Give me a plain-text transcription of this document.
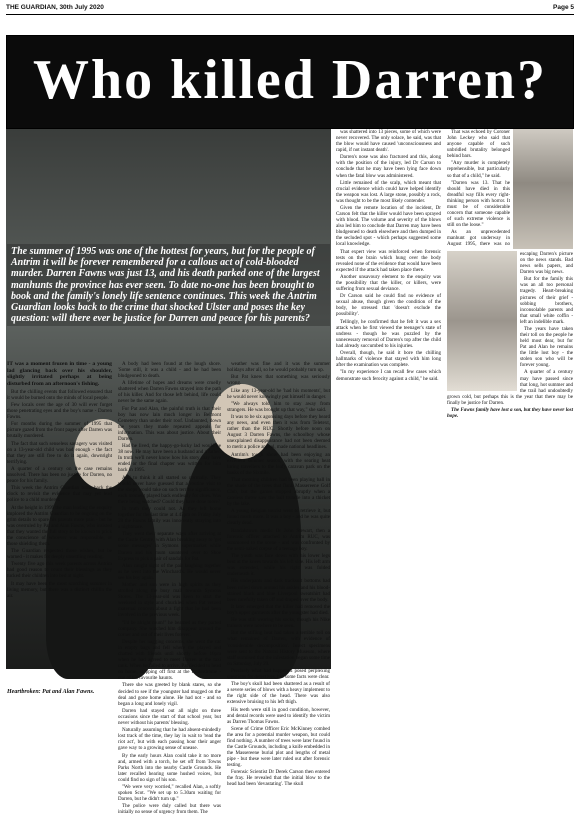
THE GUARDIAN, 30th July 2020	Page 5
Who killed Darren?
The summer of 1995 was one of the hottest for years, but for the people of Antrim it will be forever remembered for a callous act of cold-blooded murder. Darren Fawns was just 13, and his death parked one of the largest manhunts the province has ever seen. To date no-one has been brought to book and the family's lonely life sentence continues. This week the Antrim Guardian looks back to the crime that shocked Ulster and poses the key question: will there ever be justice for Darren and peace for his parents?

IT was a moment frozen in time - a young lad glancing back over his shoulder, slightly irritated perhaps at being disturbed from an afternoon's fishing.

But the chilling events that followed ensured that it would be burned onto the minds of local people.

Few locals over the age of 30 will ever forget those penetrating eyes and the boy's name - Darren Fawns.

For months during the summer of 1995 that picture gazed from the front pages after Darren was brutally murdered.

The fact that such senseless savagery was visited on a 13-year-old child was bad enough - the fact that they are still free to do it again, downright terrifying.

A quarter of a century on the case remains unsolved. There has been no justice for Darren, no peace for his family.

This week the Antrim Guardian turns back the clock to revisit the evidence that may yet lead police to a child murderer.

At the height in 1999 the man leading the enquiry implored the Antrim Guardian to be ongoing on the grim details to spare his parents more pain - but he was overruled by Pat and Alan Fawns, who insisted that they wanted the full story to be known to prick the conscience of whoever was responsible, or those shielding them.

The Guardian respected those wishes, but be warned - it makes for deeply unsettling reading.

Twenty five ago this week parents across Antrim had good reason to count their blessings as they tucked their children into bed at night.

It may have been the most scorching summer in living memory, but there was a distinct chillin the air.

A body had been found at the lough shore. 'Some still, it was a child - and he had been bludgeoned to death.

A lifetime of hopes and dreams were cruelly shattered when Darren Fawns strayed into the path of his killer. And for those left behind, life could never be the same again.

For Pat and Alan, the painful truth is that their boy has now lain much longer in Belmont Cemetery than under their roof. Undaunted, down the years they made repeated appeals for information. This was about justice. About their Darren.

Had he lived, the happy-go-lucky lad would be 38 now. He may have been a husband and a father. In truth we'll never know how his story may have ended or the final chapter was written for him back in 1995.

And to think it all started so normally. They would never have guessed that a routine visit to the shops would take on such terrible significance, each moment played back endlessly for clues. Was there being watched? Could they have done more?

In truth they could not. As they left home together for the last time at 4.45pm on Friday July 28 the Fawns family was innocently straying into a nightmare.

They went their separate ways after arriving at the Castle Centre, with Alan breaking away to 'get some messages' in Symons supermarket while Darren and his mum sauntered over to Shoe Express to pick a pair of sandals for Pat.

Alan caught sight of the pair laughing together as he went into the Winchard's. He would never see his boy again.

Mother and son were in high spirits as they strolled along the busy mall towards Symons Stores. The 13-year-old was keen to start the weekend in style and chuckled when Pat vetoed maternal concern about a fight that he had been involved in the previous week.

"I'd be alright mum!" he beamed as they parted company. She watched him disappear around the corner and out of their lives forever.

Despite her nagging concerns, she went the car in empty bags and fell where the played and chatted with friends until shortly before 10pm when he had agreed to meet Darren at the taxi rank. When he failed to arrive, Pat decided to head on home, stopping off first at the Rollerdrome - one of his favourite haunts.

There she was greeted by blank stares, so she decided to see if the youngster had mugged on the deal and gone home alone. He had not - and so began a long and lonely vigil.

Darren had stayed out all night on three occasions since the start of that school year, but never without his parents' blessing.

Naturally assuming that he had absent-mindedly lost track of the time, they lay in wait to 'read the riot act', but with each passing hour their anger gave way to a growing sense of unease.

By the early hours Alan could take it no more and, armed with a torch, he set off from Towns Parks North into the nearby Castle Grounds. He later recalled hearing some hushed voices, but could find no sign of his son.

"We were very worried," recalled Alan, a softly spoken Scot. "We set up to 5.30am waiting for Darren, but he didn't turn up."

The police were duly called but there was initially no sense of urgency from them. The

weather was fine and it was the summer holidays after all, so he would probably turn up.

But Pat knew that something was seriously wrong.

Like any 13-year-old he 'had his moments', but he would never knowingly put himself in danger.

"We always told him to stay away from strangers. He was brought up that way," she said.

It was to be six agonising days before they heard any news, and even then it was from Teletext, rather than the RUC. Shortly before noon on August 3 Darren Fawns, the schoolboy whose unexplained disappearance had not been deemed to merit a police appeal, made national headlines.

Antrim's tough shore had been enjoying an excellent summer season, with the searing heat luring travellers to the leafy caravan park on the banks of the Sixmile.

That morning children had been playing ball in the shade of the trees that flank Massereene Golf Club, but the games stopped abruptly when a careless throw saw the ball trundle into a thicket by the lake.

A young Belgian tourist went to retrieve it, but found much more. It was a boy - and he was quite clearly dead.

Randalstown medic Dr John Stewart, then a forensic officer attached to Antrim RUC, was summoned to the scene - and was confronted by the semi-naked corpse of a teenage boy.

The youth was face down with his lower legs bent at the knees towards his left side. His left arm was extended, while his right was folded underneath it.

His underpants and dark tracksuit bottoms had been rolled down around his ankles and his blood-stained black and blue Liverpool sweatshirt had been carefully taken off and draped over the body.

It later emerged that the killer had removed the boy's upper garments after the youngster had died.

He was still wearing his socks, though his Nike trainers were nowhere to be seen.

But the stifling heat had taken a terrible toll on what remained of Darren, with evidence of 'considerable decomposition'. Insect specimens were sent to the Natural History Museum, where staff surmised that the infestation began some time on Saturday, July 29.

Precisely what had happened posed perplexing questions for detectives, but some facts were clear.

The boy's skull had been shattered as a result of a severe series of blows with a heavy implement to the right side of the head. There was also extensive bruising to his left thigh.

His teeth were still in good condition, however, and dental records were used to identify the victim as Darren Thomas Fawns.

Scene of Crime Officer Eric McKinney combed the area for a potential murder weapon, but could find nothing. A number of trees were later found in the Castle Grounds, including a knife embedded in the Massereene burial plot and lengths of metal pipe - but these were later ruled out after forensic testing.

Forensic Scientist Dr Derek Carson then entered the fray. He revealed that the initial blow to the head had been 'devastating'. The skull

was shattered into 13 pieces, some of which were never recovered. The only solace, he said, was that the blow would have caused 'unconsciousness and rapid, if not instant death'.

Darren's nose was also fractured and this, along with the position of the injury, led Dr Carson to conclude that he may have been lying face down when the fatal blow was administered.

Little remained of the scalp, which meant that crucial evidence which could have helped identify the weapon was lost. A large stone, possibly a rock, was thought to be the most likely contender.

Given the remote location of the incident, Dr Carson felt that the killer would have been sprayed with blood. The volume and severity of the blows also led him to conclude that Darren may have been bludgeoned to death elsewhere and then dumped in the secluded spot - which perhaps suggested some local knowledge.

That expert view was reinforced when forensic tests on the brain which hung over the body revealed none of the evidence that would have been expected if the attack had taken place there.

Another unsavoury element to the enquiry was the possibility that the killer, or killers, were suffering from sexual deviance.

Dr Carson said he could find no evidence of sexual abuse, though given the condition of the body, he stressed that 'doesn't exclude the possibility'.

Tellingly, he confirmed that he felt it was a sex attack when he first viewed the teenager's state of undress - though he was puzzled by the unnecessary removal of Darren's top after the child had already succumbed to his injuries.

Overall, though, he said it bore the chilling hallmarks of violence that stayed with him long after the examination was complete.

"In my experience I can recall few cases which demonstrate such ferocity against a child," he said.

That was echoed by Coroner John Leckey who said that anyone capable of such unbridled brutality belonged behind bars.

"Any murder is completely reprehensible, but particularly so that of a child," he said.

"Darren was 13. That he should have died in this dreadful way fills every right-thinking person with horror. It must be of considerable concern that someone capable of such extreme violence is still on the loose."

As an unprecedented manhunt got underway in August 1995, there was no escaping Darren's picture on the news stands. Bad news sells papers, and Darren was big news.

But for the family this was an all too personal tragedy. Heart-breaking pictures of their grief - sobbing brothers, inconsolable parents and that small white coffin - left an indelible mark.

The years have taken their toll on the people he held most dear, but for Pat and Alan he remains the little lost boy - the stolen son who will be forever young.

A quarter of a century may have passed since that long, hot summer and the trail had undoubtedly grown cold, but perhaps this is the year that there may be finally be justice for Darren.

The Fawns family have lost a son, but they have never lost hope.

Heartbroken: Pat and Alan Fawns.
